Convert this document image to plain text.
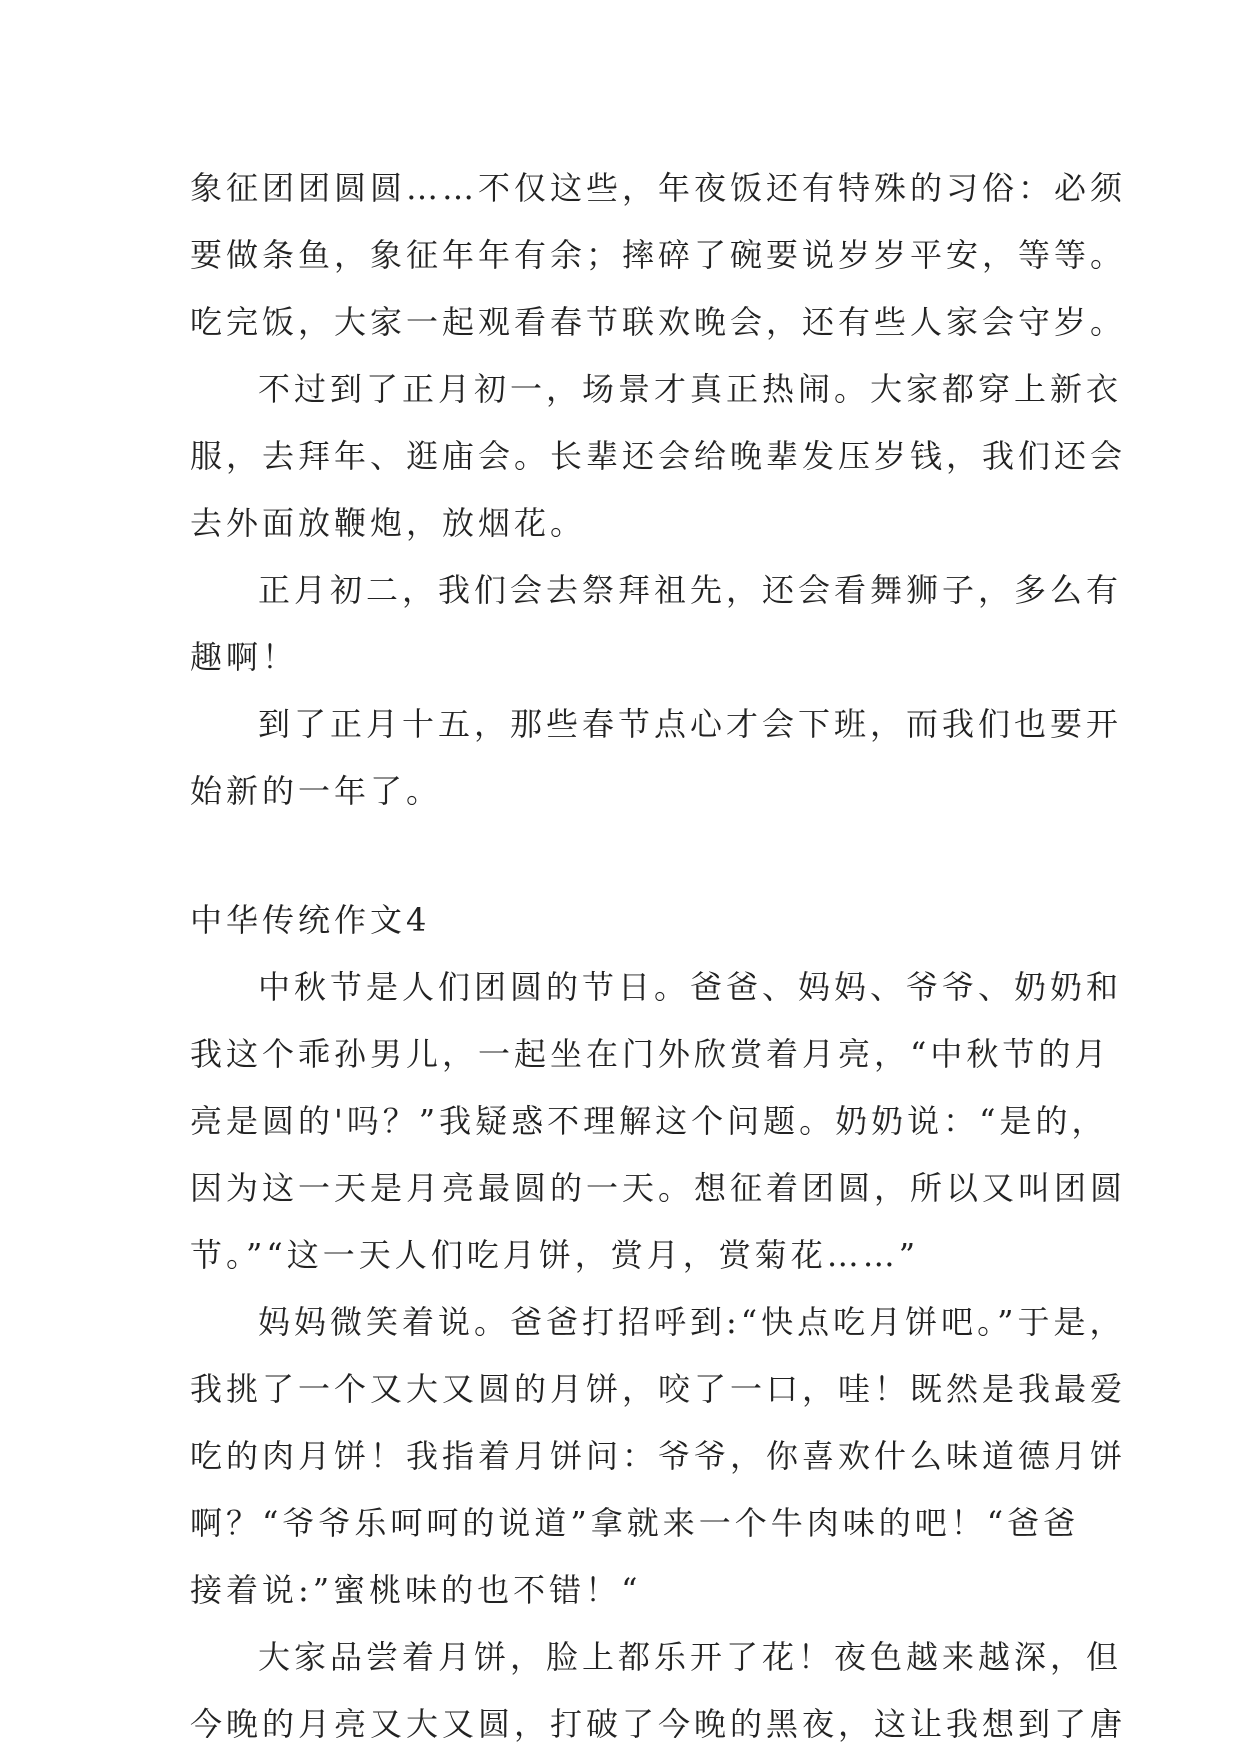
象征团团圆圆……不仅这些，年夜饭还有特殊的习俗：必须
要做条鱼，象征年年有余；摔碎了碗要说岁岁平安，等等。
吃完饭，大家一起观看春节联欢晚会，还有些人家会守岁。
不过到了正月初一，场景才真正热闹。大家都穿上新衣
服，去拜年、逛庙会。长辈还会给晚辈发压岁钱，我们还会
去外面放鞭炮，放烟花。
正月初二，我们会去祭拜祖先，还会看舞狮子，多么有
趣啊！
到了正月十五，那些春节点心才会下班，而我们也要开
始新的一年了。
中华传统作文4
中秋节是人们团圆的节日。爸爸、妈妈、爷爷、奶奶和
我这个乖孙男儿，一起坐在门外欣赏着月亮，“中秋节的月
亮是圆的'吗？”我疑惑不理解这个问题。奶奶说：“是的，
因为这一天是月亮最圆的一天。想征着团圆，所以又叫团圆
节。”“这一天人们吃月饼，赏月，赏菊花……”
妈妈微笑着说。爸爸打招呼到:“快点吃月饼吧。”于是，
我挑了一个又大又圆的月饼，咬了一口，哇！既然是我最爱
吃的肉月饼！我指着月饼问：爷爷，你喜欢什么味道德月饼
啊？“爷爷乐呵呵的说道”拿就来一个牛肉味的吧！“爸爸
接着说:”蜜桃味的也不错！“
大家品尝着月饼，脸上都乐开了花！夜色越来越深，但
今晚的月亮又大又圆，打破了今晚的黑夜，这让我想到了唐
